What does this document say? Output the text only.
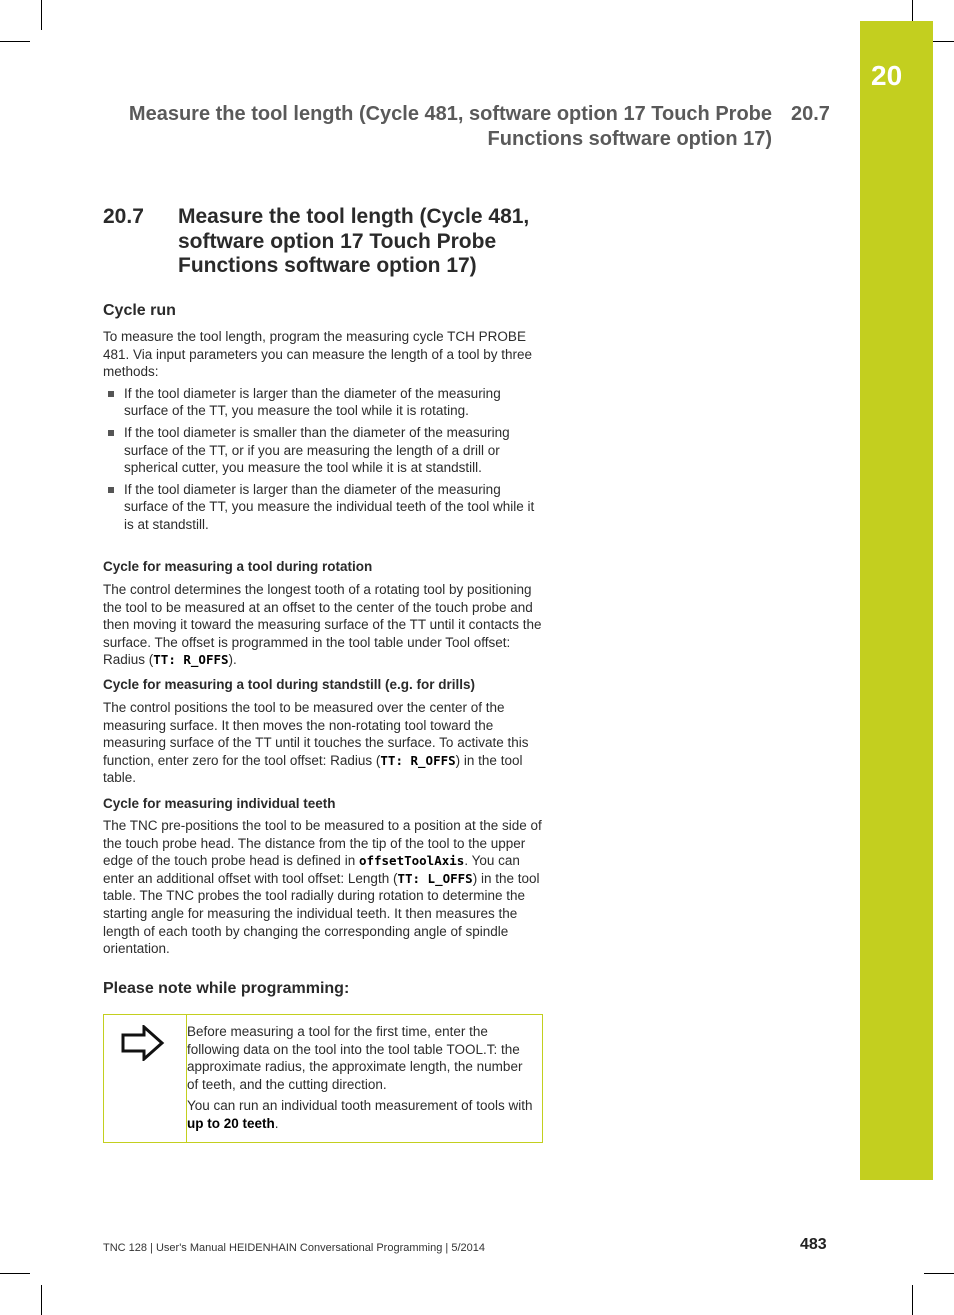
20
Measure the tool length (Cycle 481, software option 17 Touch Probe
Functions software option 17)
20.7
20.7 Measure the tool length (Cycle 481, software option 17 Touch Probe Functions software option 17)
Cycle run

To measure the tool length, program the measuring cycle TCH PROBE 481. Via input parameters you can measure the length of a tool by three methods:

If the tool diameter is larger than the diameter of the measuring surface of the TT, you measure the tool while it is rotating.
If the tool diameter is smaller than the diameter of the measuring surface of the TT, or if you are measuring the length of a drill or spherical cutter, you measure the tool while it is at standstill.
If the tool diameter is larger than the diameter of the measuring surface of the TT, you measure the individual teeth of the tool while it is at standstill.
Cycle for measuring a tool during rotation

The control determines the longest tooth of a rotating tool by positioning the tool to be measured at an offset to the center of the touch probe and then moving it toward the measuring surface of the TT until it contacts the surface. The offset is programmed in the tool table under Tool offset: Radius (TT: R_OFFS).

Cycle for measuring a tool during standstill (e.g. for drills)

The control positions the tool to be measured over the center of the measuring surface. It then moves the non-rotating tool toward the measuring surface of the TT until it touches the surface. To activate this function, enter zero for the tool offset: Radius (TT: R_OFFS) in the tool table.

Cycle for measuring individual teeth

The TNC pre-positions the tool to be measured to a position at the side of the touch probe head. The distance from the tip of the tool to the upper edge of the touch probe head is defined in offsetToolAxis. You can enter an additional offset with tool offset: Length (TT: L_OFFS) in the tool table. The TNC probes the tool radially during rotation to determine the starting angle for measuring the individual teeth. It then measures the length of each tooth by changing the corresponding angle of spindle orientation.

Please note while programming:

Before measuring a tool for the first time, enter the following data on the tool into the tool table TOOL.T: the approximate radius, the approximate length, the number of teeth, and the cutting direction.

You can run an individual tooth measurement of tools with up to 20 teeth.

TNC 128 | User's Manual HEIDENHAIN Conversational Programming | 5/2014	483
